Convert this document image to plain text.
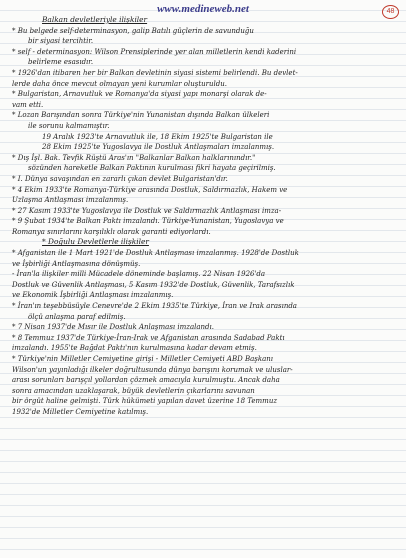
www.medineweb.net	48
Balkan devletleriyle ilişkiler
* Bu belgede self-determinasyon, galip Batılı güçlerin de savunduğu
bir siyasi tercihtir.
* self - determinasyon: Wilson Prensiplerinde yer alan milletlerin kendi kaderini
belirleme esasıdır.
* 1926'dan itibaren her bir Balkan devletinin siyasi sistemi belirlendi. Bu devlet-
lerde daha önce mevcut olmayan yeni kurumlar oluşturuldu.
* Bulgaristan, Arnavutluk ve Romanya'da siyasi yapı monarşi olarak de-
vam etti.
* Lozan Barışından sonra Türkiye'nin Yunanistan dışında Balkan ülkeleri
ile sorunu kalmamıştır.
19 Aralık 1923'te Arnavutluk ile, 18 Ekim 1925'te Bulgaristan ile
28 Ekim 1925'te Yugoslavya ile Dostluk Antlaşmaları imzalanmış.
* Dış İşl. Bak. Tevfik Rüştü Aras'ın "Balkanlar Balkan halklarınındır."
sözünden hareketle Balkan Paktının kurulması fikri hayata geçirilmiş.
* I. Dünya savaşından en zararlı çıkan devlet Bulgaristan'dır.
* 4 Ekim 1933'te Romanya-Türkiye arasında Dostluk, Saldırmazlık, Hakem ve
Uzlaşma Antlaşması imzalanmış.
* 27 Kasım 1933'te Yugoslavya ile Dostluk ve Saldırmazlık Antlaşması imza-
* 9 Şubat 1934'te Balkan Paktı imzalandı. Türkiye-Yunanistan, Yugoslavya ve
Romanya sınırlarını karşılıklı olarak garanti ediyorlardı.
* Doğulu Devletlerle ilişkiler
* Afganistan ile 1 Mart 1921'de Dostluk Antlaşması imzalanmış. 1928'de Dostluk
ve İşbirliği Antlaşmasına dönüşmüş.
- İran'la ilişkiler milli Mücadele döneminde başlamış. 22 Nisan 1926'da
Dostluk ve Güvenlik Antlaşması, 5 Kasım 1932'de Dostluk, Güvenlik, Tarafsızlık
ve Ekonomik İşbirliği Antlaşması imzalanmış.
* İran'ın teşebbüsüyle Cenevre'de 2 Ekim 1935'te Türkiye, İran ve Irak arasında
ölçü anlaşma paraf edilmiş.
* 7 Nisan 1937'de Mısır ile Dostluk Anlaşması imzalandı.
* 8 Temmuz 1937'de Türkiye-İran-Irak ve Afganistan arasında Sadabad Paktı
imzalandı. 1955'te Bağdat Paktı'nın kurulmasına kadar devam etmiş.
* Türkiye'nin Milletler Cemiyetine girişi - Milletler Cemiyeti ABD Başkanı
Wilson'un yayınladığı ilkeler doğrultusunda dünya barışını korumak ve uluslar-
arası sorunları barışçıl yollardan çözmek amacıyla kurulmuştu. Ancak daha
sonra amacından uzaklaşarak, büyük devletlerin çıkarlarını savunan
bir örgüt haline gelmişti. Türk hükümeti yapılan davet üzerine 18 Temmuz
1932'de Milletler Cemiyetine katılmış.
